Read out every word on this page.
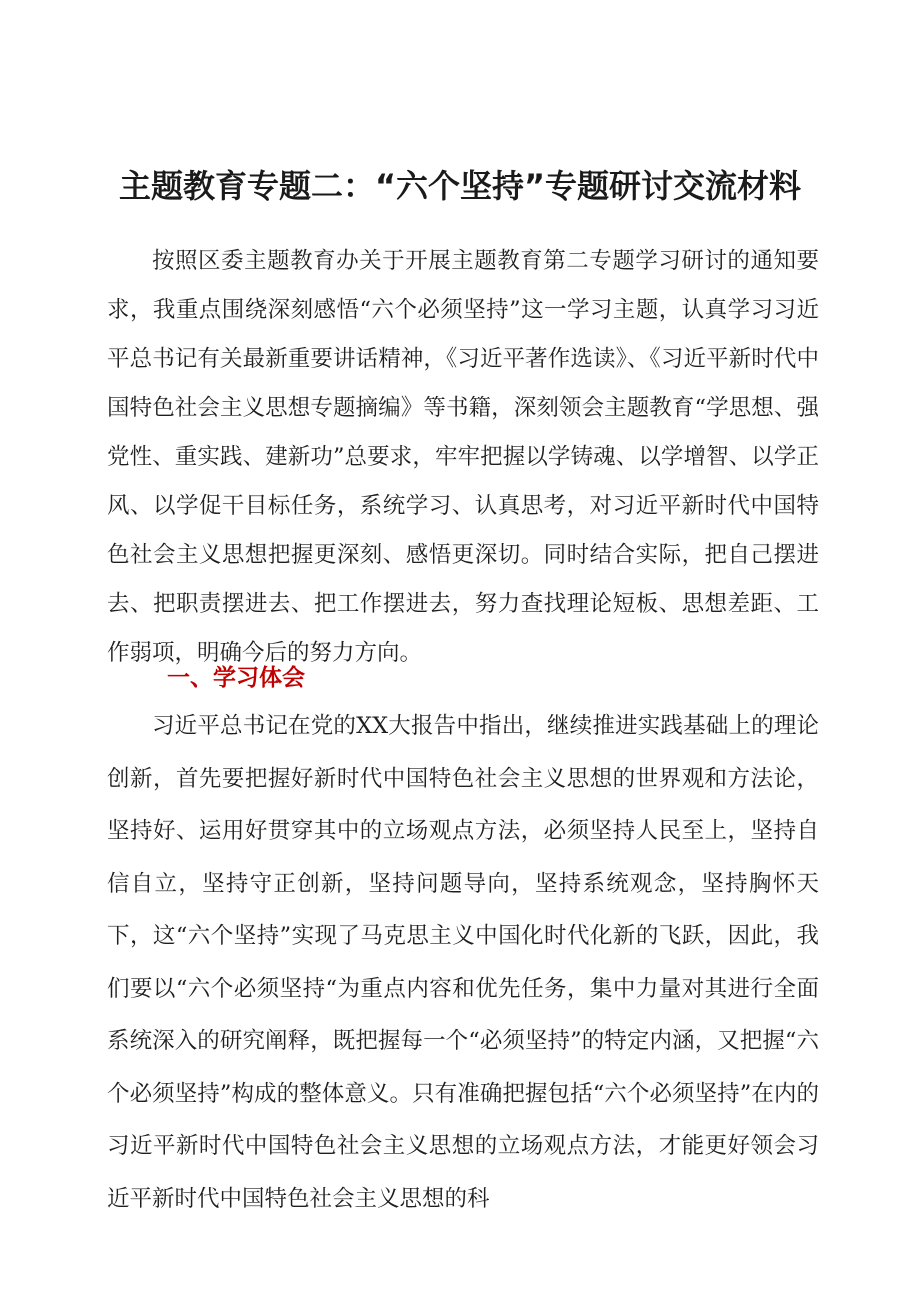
主题教育专题二：“六个坚持”专题研讨交流材料

按照区委主题教育办关于开展主题教育第二专题学习研讨的通知要求，我重点围绕深刻感悟“六个必须坚持”这一学习主题，认真学习习近平总书记有关最新重要讲话精神，《习近平著作选读》、《习近平新时代中国特色社会主义思想专题摘编》等书籍，深刻领会主题教育“学思想、强党性、重实践、建新功”总要求，牢牢把握以学铸魂、以学增智、以学正风、以学促干目标任务，系统学习、认真思考，对习近平新时代中国特色社会主义思想把握更深刻、感悟更深切。同时结合实际，把自己摆进去、把职责摆进去、把工作摆进去，努力查找理论短板、思想差距、工作弱项，明确今后的努力方向。

一、学习体会

习近平总书记在党的XX大报告中指出，继续推进实践基础上的理论创新，首先要把握好新时代中国特色社会主义思想的世界观和方法论，坚持好、运用好贯穿其中的立场观点方法，必须坚持人民至上，坚持自信自立，坚持守正创新，坚持问题导向，坚持系统观念，坚持胸怀天下，这“六个坚持”实现了马克思主义中国化时代化新的飞跃，因此，我们要以“六个必须坚持“为重点内容和优先任务，集中力量对其进行全面系统深入的研究阐释，既把握每一个“必须坚持”的特定内涵，又把握“六个必须坚持”构成的整体意义。只有准确把握包括“六个必须坚持”在内的习近平新时代中国特色社会主义思想的立场观点方法，才能更好领会习近平新时代中国特色社会主义思想的科
